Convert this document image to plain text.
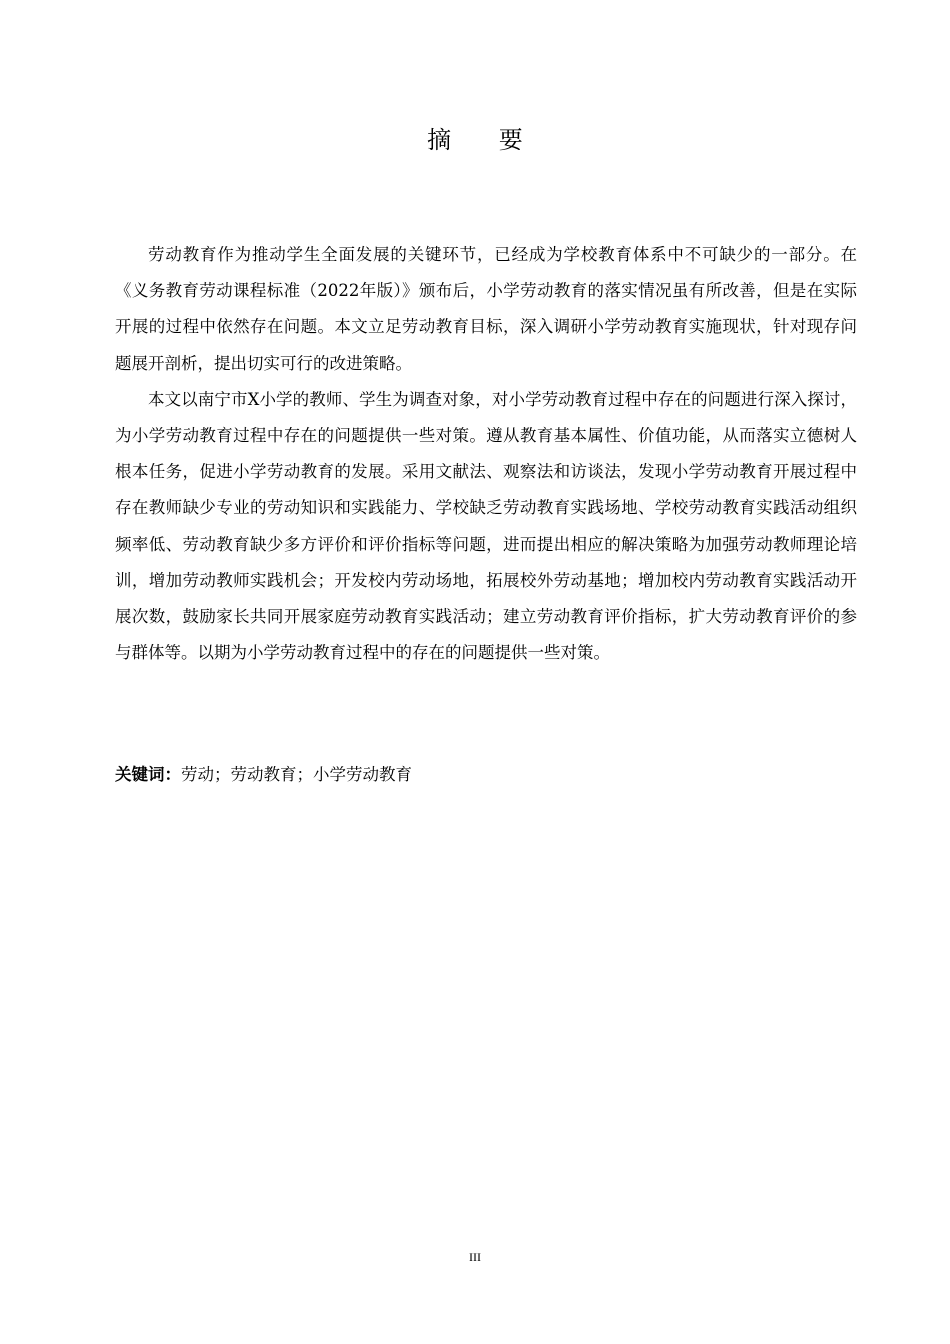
摘 要

劳动教育作为推动学生全面发展的关键环节，已经成为学校教育体系中不可缺少的一部分。在《义务教育劳动课程标准（2022年版）》颁布后，小学劳动教育的落实情况虽有所改善，但是在实际开展的过程中依然存在问题。本文立足劳动教育目标，深入调研小学劳动教育实施现状，针对现存问题展开剖析，提出切实可行的改进策略。

本文以南宁市X小学的教师、学生为调查对象，对小学劳动教育过程中存在的问题进行深入探讨，为小学劳动教育过程中存在的问题提供一些对策。遵从教育基本属性、价值功能，从而落实立德树人根本任务，促进小学劳动教育的发展。采用文献法、观察法和访谈法，发现小学劳动教育开展过程中存在教师缺少专业的劳动知识和实践能力、学校缺乏劳动教育实践场地、学校劳动教育实践活动组织频率低、劳动教育缺少多方评价和评价指标等问题，进而提出相应的解决策略为加强劳动教师理论培训，增加劳动教师实践机会；开发校内劳动场地，拓展校外劳动基地；增加校内劳动教育实践活动开展次数，鼓励家长共同开展家庭劳动教育实践活动；建立劳动教育评价指标，扩大劳动教育评价的参与群体等。以期为小学劳动教育过程中的存在的问题提供一些对策。

关键词：劳动；劳动教育；小学劳动教育
III
